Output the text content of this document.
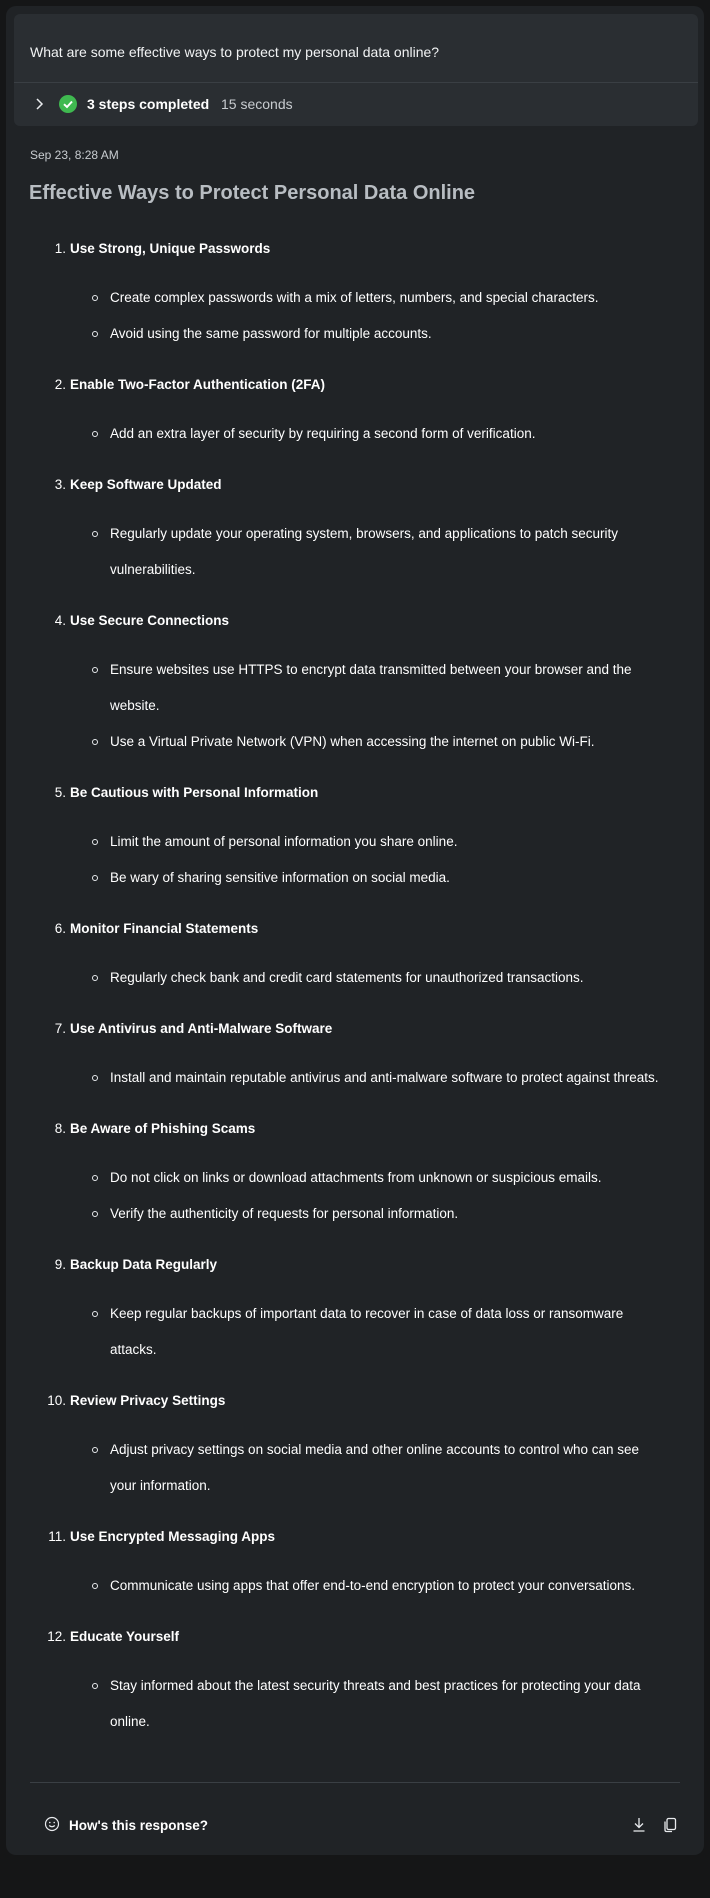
What are some effective ways to protect my personal data online?
3 steps completed 15 seconds
Sep 23, 8:28 AM
Effective Ways to Protect Personal Data Online
1. Use Strong, Unique Passwords
Create complex passwords with a mix of letters, numbers, and special characters.
Avoid using the same password for multiple accounts.
2. Enable Two-Factor Authentication (2FA)
Add an extra layer of security by requiring a second form of verification.
3. Keep Software Updated
Regularly update your operating system, browsers, and applications to patch security
vulnerabilities.
4. Use Secure Connections
Ensure websites use HTTPS to encrypt data transmitted between your browser and the
website.
Use a Virtual Private Network (VPN) when accessing the internet on public Wi-Fi.
5. Be Cautious with Personal Information
Limit the amount of personal information you share online.
Be wary of sharing sensitive information on social media.
6. Monitor Financial Statements
Regularly check bank and credit card statements for unauthorized transactions.
7. Use Antivirus and Anti-Malware Software
Install and maintain reputable antivirus and anti-malware software to protect against threats.
8. Be Aware of Phishing Scams
Do not click on links or download attachments from unknown or suspicious emails.
Verify the authenticity of requests for personal information.
9. Backup Data Regularly
Keep regular backups of important data to recover in case of data loss or ransomware
attacks.
10. Review Privacy Settings
Adjust privacy settings on social media and other online accounts to control who can see
your information.
11. Use Encrypted Messaging Apps
Communicate using apps that offer end-to-end encryption to protect your conversations.
12. Educate Yourself
Stay informed about the latest security threats and best practices for protecting your data
online.
How's this response?
